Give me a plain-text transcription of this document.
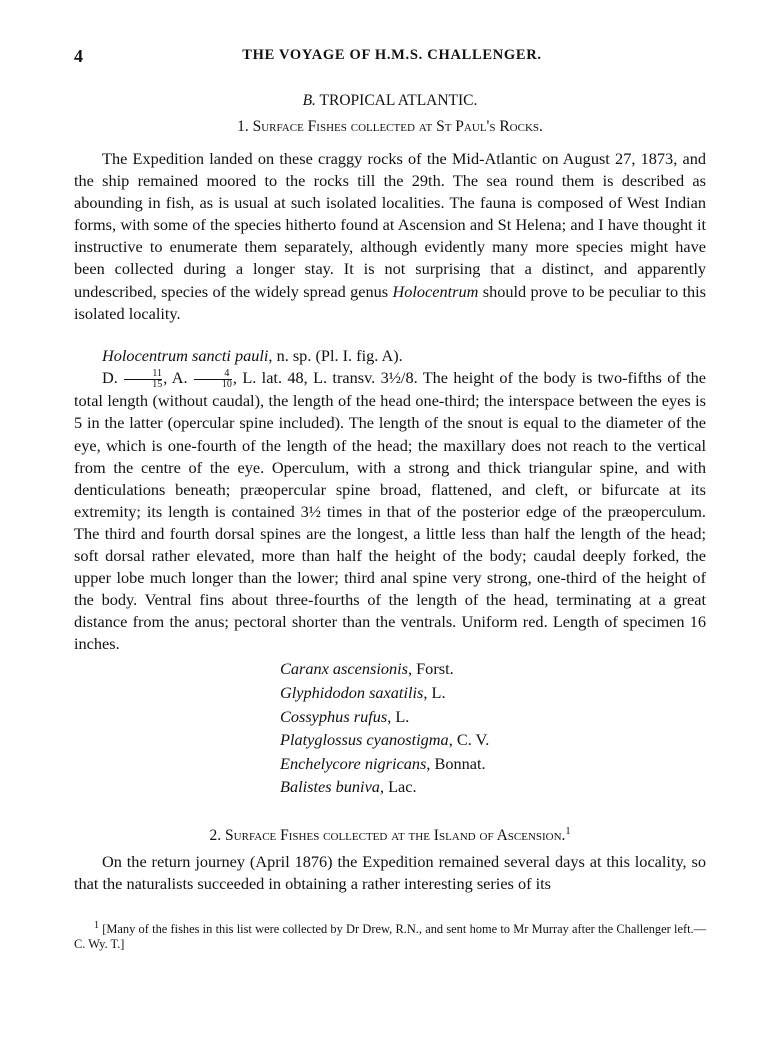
4	THE VOYAGE OF H.M.S. CHALLENGER.
B. TROPICAL ATLANTIC.
1. Surface Fishes collected at St Paul's Rocks.

The Expedition landed on these craggy rocks of the Mid-Atlantic on August 27, 1873, and the ship remained moored to the rocks till the 29th. The sea round them is described as abounding in fish, as is usual at such isolated localities. The fauna is composed of West Indian forms, with some of the species hitherto found at Ascension and St Helena; and I have thought it instructive to enumerate them separately, although evidently many more species might have been collected during a longer stay. It is not surprising that a distinct, and apparently undescribed, species of the widely spread genus Holocentrum should prove to be peculiar to this isolated locality.

Holocentrum sancti pauli, n. sp. (Pl. I. fig. A).

D. $\frac{11}{15}$ , A. $\frac{4}{10}$ , L. lat. 48, L. transv. 3½/8. The height of the body is two-fifths of the total length (without caudal), the length of the head one-third; the interspace between the eyes is 5 in the latter (opercular spine included). The length of the snout is equal to the diameter of the eye, which is one-fourth of the length of the head; the maxillary does not reach to the vertical from the centre of the eye. Operculum, with a strong and thick triangular spine, and with denticulations beneath; præopercular spine broad, flattened, and cleft, or bifurcate at its extremity; its length is contained 3½ times in that of the posterior edge of the præoperculum. The third and fourth dorsal spines are the longest, a little less than half the length of the head; soft dorsal rather elevated, more than half the height of the body; caudal deeply forked, the upper lobe much longer than the lower; third anal spine very strong, one-third of the height of the body. Ventral fins about three-fourths of the length of the head, terminating at a great distance from the anus; pectoral shorter than the ventrals. Uniform red. Length of specimen 16 inches.

Caranx ascensionis, Forst.
Glyphidodon saxatilis, L.
Cossyphus rufus, L.
Platyglossus cyanostigma, C. V.
Enchelycore nigricans, Bonnat.
Balistes buniva, Lac.
2. Surface Fishes collected at the Island of Ascension.$^1$

On the return journey (April 1876) the Expedition remained several days at this locality, so that the naturalists succeeded in obtaining a rather interesting series of its

$^1$ [Many of the fishes in this list were collected by Dr Drew, R.N., and sent home to Mr Murray after the Challenger left.—C. Wy. T.]
